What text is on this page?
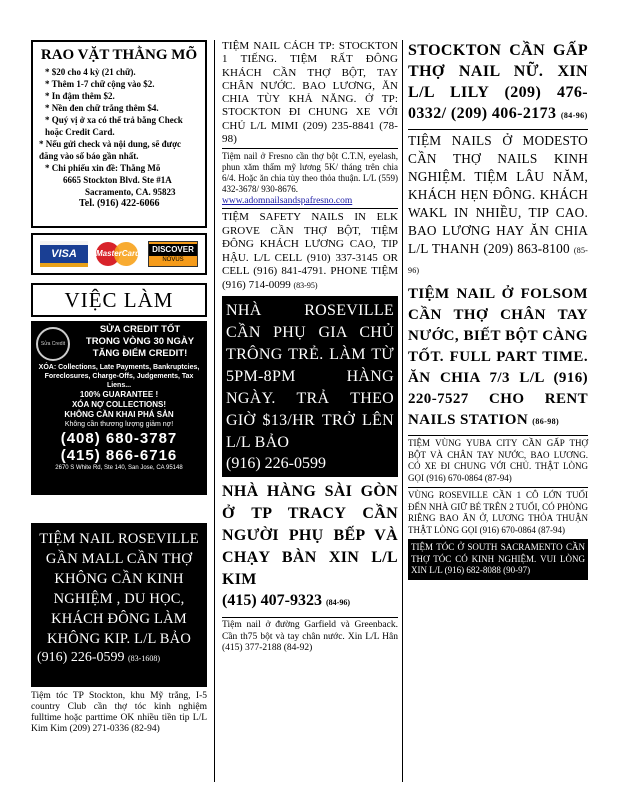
RAO VẶT THẰNG MÕ
* $20 cho 4 kỳ (21 chữ).
* Thêm 1-7 chữ cộng vào $2.
* In đậm thêm $2.
* Nền đen chữ trắng thêm $4.
* Quý vị ở xa có thể trả bằng Check hoặc Credit Card.
* Nếu gửi check và nội dung, sẽ được đăng vào số báo gần nhất.
* Chi phiếu xin đề: Thằng Mõ
6665 Stockton Blvd. Ste #1A
Sacramento, CA. 95823
Tel. (916) 422-6066
VISA MasterCard	DISCOVER
NOVUS
VIỆC LÀM
Sửa Credit
SỬA CREDIT TỐT
TRONG VÒNG 30 NGÀY
TĂNG ĐIỂM CREDIT!
XÓA: Collections, Late Payments, Bankruptcies, Foreclosures, Charge-Offs, Judgements, Tax Liens...
100% GUARANTEE !
XÓA NỢ COLLECTIONS!
KHÔNG CẦN KHAI PHÁ SẢN
Không cần thương lượng giảm nợ!
(408) 680-3787
(415) 866-6716
2670 S White Rd, Ste 140, San Jose, CA 95148
TIỆM NAIL ROSEVILLE GẦN MALL CẦN THỢ KHÔNG CẦN KINH NGHIỆM , DU HỌC, KHÁCH ĐÔNG LÀM KHÔNG KIP. L/L BẢO
(916) 226-0599 (83-1608)
Tiệm tóc TP Stockton, khu Mỹ trắng, I-5 country Club cần thợ tóc kinh nghiệm fulltime hoặc parttime OK nhiều tiền tip L/L Kim Kim (209) 271-0336 (82-94)
TIỆM NAIL CÁCH TP: STOCKTON 1 TIẾNG. TIỆM RẤT ĐÔNG KHÁCH CẦN THỢ BỘT, TAY CHÂN NƯỚC. BAO LƯƠNG, ĂN CHIA TÙY KHẢ NĂNG. Ở TP: STOCKTON ĐI CHUNG XE VỚI CHỦ L/L MIMI (209) 235-8841 (78-98)
Tiệm nail ở Fresno cần thợ bột C.T.N, eyelash, phun xăm thẩm mỹ lương 5K/ tháng trên chia 6/4. Hoặc ăn chia tùy theo thỏa thuận. L/L (559) 432-3678/ 930-8676.
www.adomnailsandspafresno.com
TIỆM SAFETY NAILS IN ELK GROVE CẦN THỢ BỘT, TIỆM ĐÔNG KHÁCH LƯƠNG CAO, TIP HẬU. L/L CELL (910) 337-3145 OR CELL (916) 841-4791. PHONE TIỆM (916) 714-0099 (83-95)
NHÀ ROSEVILLE CẦN PHỤ GIA CHỦ TRÔNG TRẺ. LÀM TỪ 5PM-8PM HÀNG NGÀY. TRẢ THEO GIỜ $13/HR TRỞ LÊN L/L BẢO
(916) 226-0599
NHÀ HÀNG SÀI GÒN Ở TP TRACY CẦN NGƯỜI PHỤ BẾP VÀ CHẠY BÀN XIN L/L KIM
(415) 407-9323 (84-96)
Tiệm nail ở đường Garfield và Greenback. Cần th75 bột và tay chân nước. Xin L/L Hân (415) 377-2188 (84-92)
STOCKTON CẦN GẤP THỢ NAIL NỮ. XIN L/L LILY (209) 476-0332/ (209) 406-2173 (84-96)
TIỆM NAILS Ở MODESTO CẦN THỢ NAILS KINH NGHIỆM. TIỆM LÂU NĂM, KHÁCH HẸN ĐÔNG. KHÁCH WAKL IN NHIỀU, TIP CAO. BAO LƯƠNG HAY ĂN CHIA L/L THANH (209) 863-8100 (85-96)
TIỆM NAIL Ở FOLSOM CẦN THỢ CHÂN TAY NƯỚC, BIẾT BỘT CÀNG TỐT. FULL PART TIME. ĂN CHIA 7/3 L/L (916) 220-7527 CHO RENT NAILS STATION (86-98)
TIỆM VÙNG YUBA CITY CẦN GẤP THỢ BỘT VÀ CHÂN TAY NƯỚC, BAO LƯƠNG. CÓ XE ĐI CHUNG VỚI CHỦ. THẬT LÒNG GỌI (916) 670-0864 (87-94)
VÙNG ROSEVILLE CẦN 1 CÔ LỚN TUỔI ĐẾN NHÀ GIỮ BÉ TRÊN 2 TUỔI, CÓ PHÒNG RIÊNG BAO ĂN Ở, LƯƠNG THỎA THUẬN THẬT LÒNG GỌI (916) 670-0864 (87-94)
TIỆM TÓC Ở SOUTH SACRAMENTO CẦN THỢ TÓC CÓ KINH NGHIỆM. VUI LÒNG XIN L/L (916) 682-8088 (90-97)
